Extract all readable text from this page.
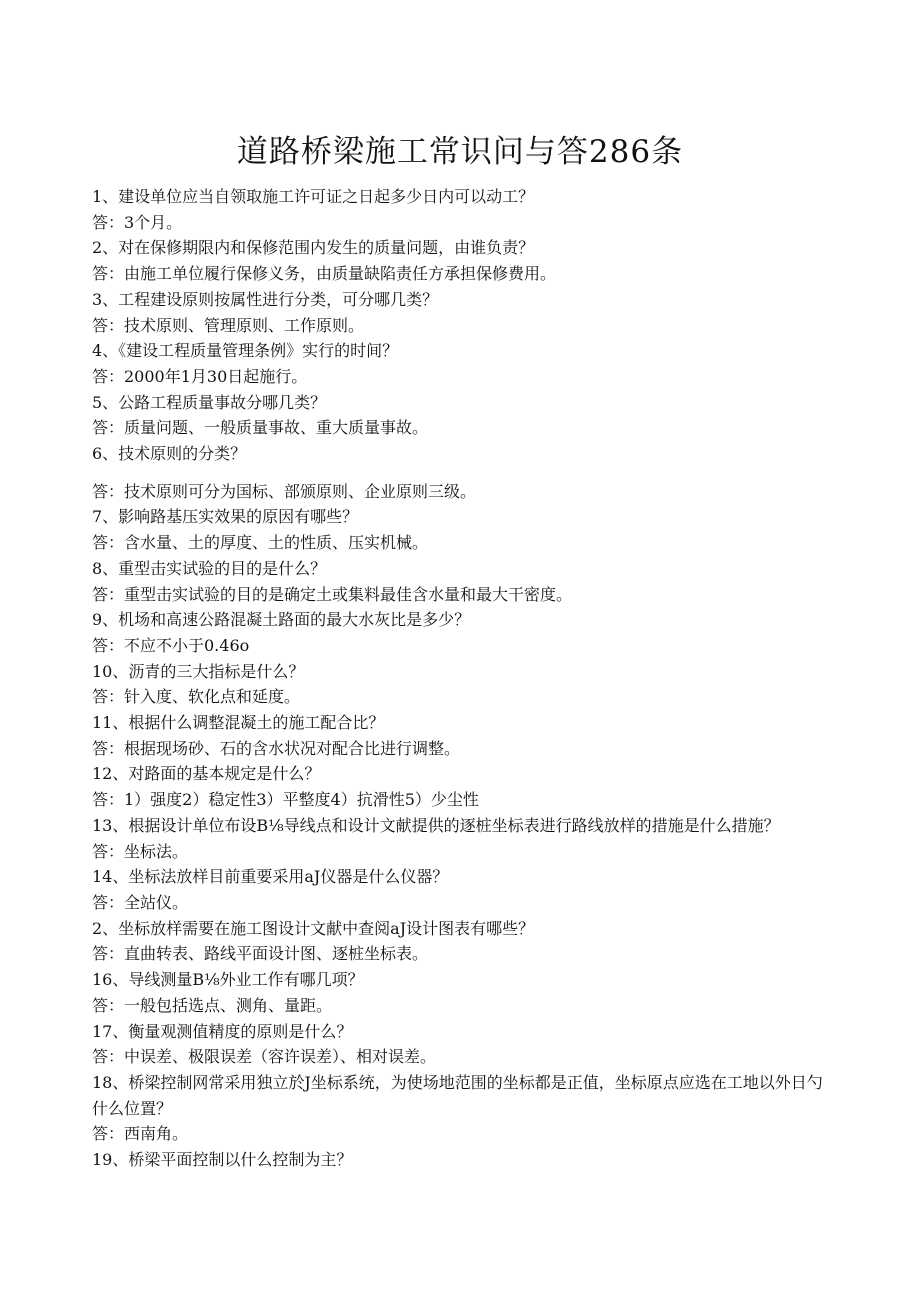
道路桥梁施工常识问与答286条

1、建设单位应当自领取施工许可证之日起多少日内可以动工？

答：3个月。

2、对在保修期限内和保修范围内发生的质量问题，由谁负责？

答：由施工单位履行保修义务，由质量缺陷责任方承担保修费用。

3、工程建设原则按属性进行分类，可分哪几类？

答：技术原则、管理原则、工作原则。

4、《建设工程质量管理条例》实行的时间？

答：2000年1月30日起施行。

5、公路工程质量事故分哪几类？

答：质量问题、一般质量事故、重大质量事故。

6、技术原则的分类？

答：技术原则可分为国标、部颁原则、企业原则三级。

7、影响路基压实效果的原因有哪些？

答：含水量、土的厚度、土的性质、压实机械。

8、重型击实试验的目的是什么？

答：重型击实试验的目的是确定土或集料最佳含水量和最大干密度。

9、机场和高速公路混凝土路面的最大水灰比是多少？

答：不应不小于0.46o

10、沥青的三大指标是什么？

答：针入度、软化点和延度。

11、根据什么调整混凝土的施工配合比？

答：根据现场砂、石的含水状况对配合比进行调整。

12、对路面的基本规定是什么？

答：1）强度2）稳定性3）平整度4）抗滑性5）少尘性

13、根据设计单位布设B⅛导线点和设计文献提供的逐桩坐标表进行路线放样的措施是什么措施？

答：坐标法。

14、坐标法放样目前重要采用aJ仪器是什么仪器？

答：全站仪。

2、坐标放样需要在施工图设计文献中查阅aJ设计图表有哪些？

答：直曲转表、路线平面设计图、逐桩坐标表。

16、导线测量B⅛外业工作有哪几项？

答：一般包括选点、测角、量距。

17、衡量观测值精度的原则是什么？

答：中误差、极限误差（容许误差）、相对误差。

18、桥梁控制网常采用独立於J坐标系统，为使场地范围的坐标都是正值，坐标原点应选在工地以外日勺什么位置？

答：西南角。

19、桥梁平面控制以什么控制为主？
